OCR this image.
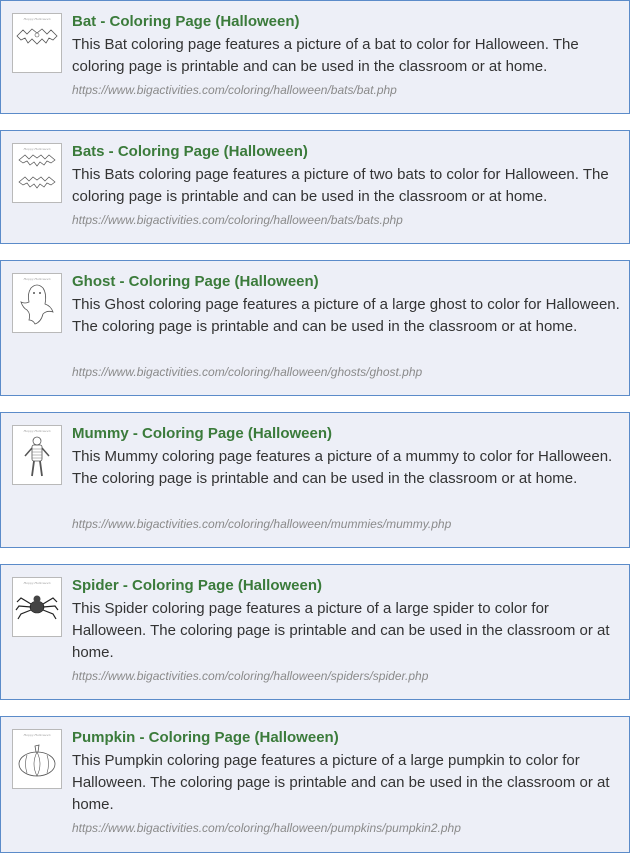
Happy Halloween	Bat - Coloring Page (Halloween)
This Bat coloring page features a picture of a bat to color for Halloween. The coloring page is printable and can be used in the classroom or at home.
https://www.bigactivities.com/coloring/halloween/bats/bat.php
Happy Halloween	Bats - Coloring Page (Halloween)
This Bats coloring page features a picture of two bats to color for Halloween. The coloring page is printable and can be used in the classroom or at home.
https://www.bigactivities.com/coloring/halloween/bats/bats.php
Happy Halloween	Ghost - Coloring Page (Halloween)
This Ghost coloring page features a picture of a large ghost to color for Halloween. The coloring page is printable and can be used in the classroom or at home.
https://www.bigactivities.com/coloring/halloween/ghosts/ghost.php
Happy Halloween	Mummy - Coloring Page (Halloween)
This Mummy coloring page features a picture of a mummy to color for Halloween. The coloring page is printable and can be used in the classroom or at home.
https://www.bigactivities.com/coloring/halloween/mummies/mummy.php
Happy Halloween	Spider - Coloring Page (Halloween)
This Spider coloring page features a picture of a large spider to color for Halloween. The coloring page is printable and can be used in the classroom or at home.
https://www.bigactivities.com/coloring/halloween/spiders/spider.php
Happy Halloween	Pumpkin - Coloring Page (Halloween)
This Pumpkin coloring page features a picture of a large pumpkin to color for Halloween. The coloring page is printable and can be used in the classroom or at home.
https://www.bigactivities.com/coloring/halloween/pumpkins/pumpkin2.php
